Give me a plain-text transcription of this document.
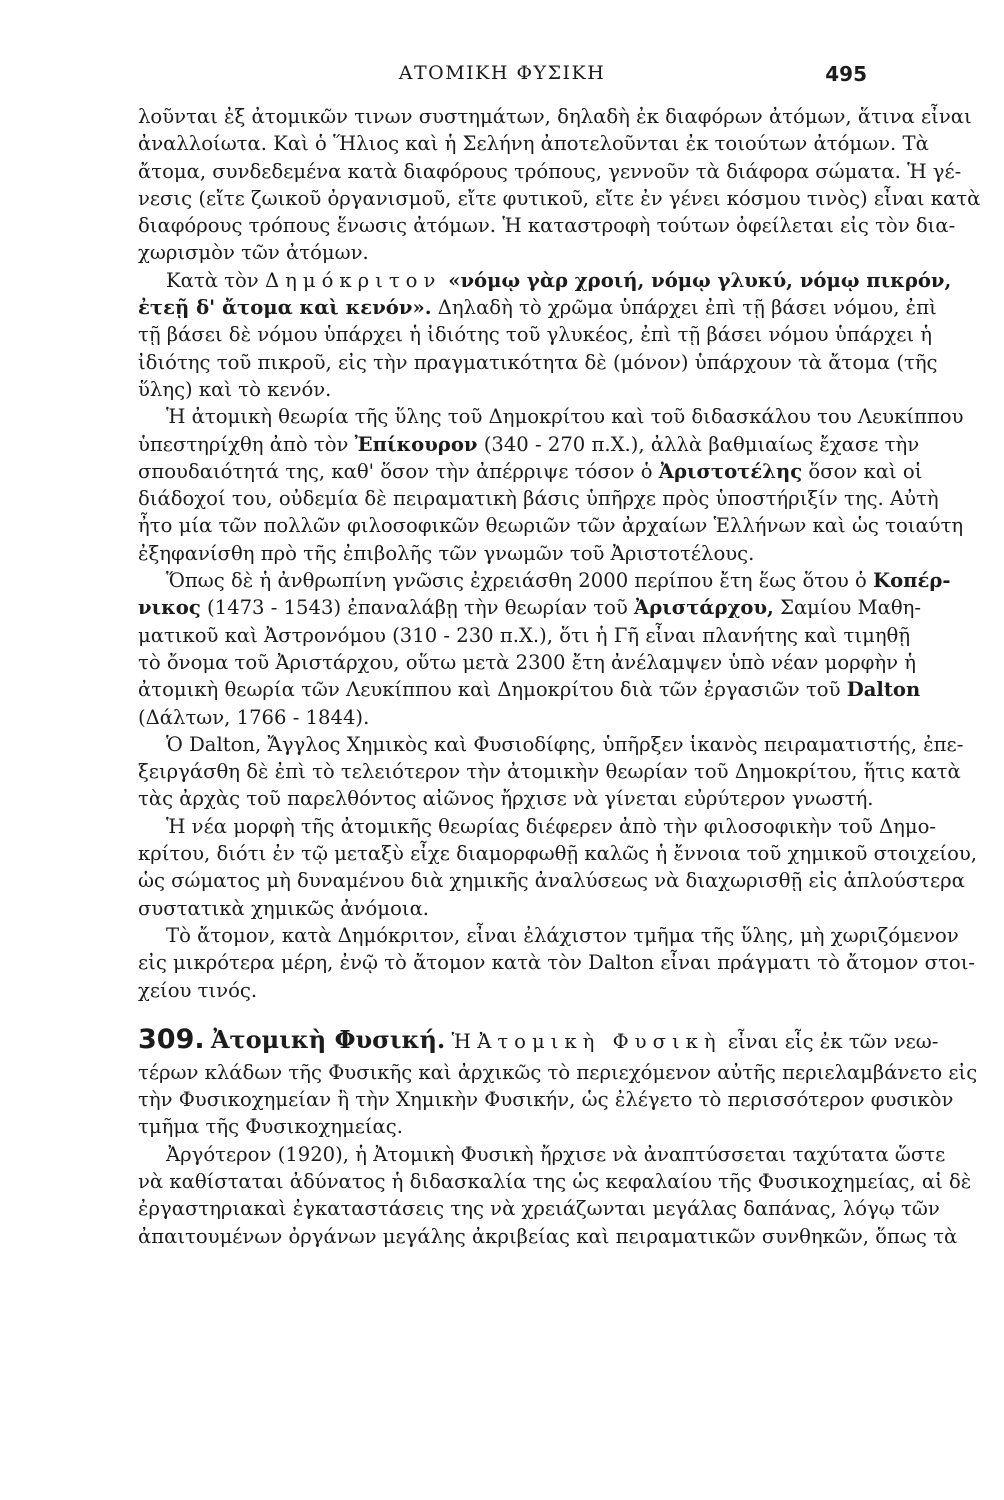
ΑΤΟΜΙΚΗ ΦΥΣΙΚΗ	495
λοῦνται ἐξ ἀτομικῶν τινων συστημάτων, δηλαδὴ ἐκ διαφόρων ἀτόμων, ἅτινα εἶναι
ἀναλλοίωτα. Καὶ ὁ Ἥλιος καὶ ἡ Σελήνη ἀποτελοῦνται ἐκ τοιούτων ἀτόμων. Τὰ
ἄτομα, συνδεδεμένα κατὰ διαφόρους τρόπους, γεννοῦν τὰ διάφορα σώματα. Ἡ γέ-
νεσις (εἴτε ζωικοῦ ὀργανισμοῦ, εἴτε φυτικοῦ, εἴτε ἐν γένει κόσμου τινὸς) εἶναι κατὰ
διαφόρους τρόπους ἕνωσις ἀτόμων. Ἡ καταστροφὴ τούτων ὀφείλεται εἰς τὸν δια-
χωρισμὸν τῶν ἀτόμων.
Κατὰ τὸν Δημόκριτον «νόμῳ γὰρ χροιή, νόμῳ γλυκύ, νόμῳ πικρόν,
ἐτεῇ δ' ἄτομα καὶ κενόν». Δηλαδὴ τὸ χρῶμα ὑπάρχει ἐπὶ τῇ βάσει νόμου, ἐπὶ
τῇ βάσει δὲ νόμου ὑπάρχει ἡ ἰδιότης τοῦ γλυκέος, ἐπὶ τῇ βάσει νόμου ὑπάρχει ἡ
ἰδιότης τοῦ πικροῦ, εἰς τὴν πραγματικότητα δὲ (μόνον) ὑπάρχουν τὰ ἄτομα (τῆς
ὕλης) καὶ τὸ κενόν.
Ἡ ἀτομικὴ θεωρία τῆς ὕλης τοῦ Δημοκρίτου καὶ τοῦ διδασκάλου του Λευκίππου
ὑπεστηρίχθη ἀπὸ τὸν Ἐπίκουρον (340 - 270 π.Χ.), ἀλλὰ βαθμιαίως ἔχασε τὴν
σπουδαιότητά της, καθ' ὅσον τὴν ἀπέρριψε τόσον ὁ Ἀριστοτέλης ὅσον καὶ οἱ
διάδοχοί του, οὐδεμία δὲ πειραματικὴ βάσις ὑπῆρχε πρὸς ὑποστήριξίν της. Αὐτὴ
ἦτο μία τῶν πολλῶν φιλοσοφικῶν θεωριῶν τῶν ἀρχαίων Ἑλλήνων καὶ ὡς τοιαύτη
ἐξηφανίσθη πρὸ τῆς ἐπιβολῆς τῶν γνωμῶν τοῦ Ἀριστοτέλους.
Ὅπως δὲ ἡ ἀνθρωπίνη γνῶσις ἐχρειάσθη 2000 περίπου ἔτη ἕως ὅτου ὁ Κοπέρ-
νικος (1473 - 1543) ἐπαναλάβῃ τὴν θεωρίαν τοῦ Ἀριστάρχου, Σαμίου Μαθη-
ματικοῦ καὶ Ἀστρονόμου (310 - 230 π.Χ.), ὅτι ἡ Γῆ εἶναι πλανήτης καὶ τιμηθῇ
τὸ ὄνομα τοῦ Ἀριστάρχου, οὕτω μετὰ 2300 ἔτη ἀνέλαμψεν ὑπὸ νέαν μορφὴν ἡ
ἀτομικὴ θεωρία τῶν Λευκίππου καὶ Δημοκρίτου διὰ τῶν ἐργασιῶν τοῦ Dalton
(Δάλτων, 1766 - 1844).
Ὁ Dalton, Ἄγγλος Χημικὸς καὶ Φυσιοδίφης, ὑπῆρξεν ἱκανὸς πειραματιστής, ἐπε-
ξειργάσθη δὲ ἐπὶ τὸ τελειότερον τὴν ἀτομικὴν θεωρίαν τοῦ Δημοκρίτου, ἥτις κατὰ
τὰς ἀρχὰς τοῦ παρελθόντος αἰῶνος ἤρχισε νὰ γίνεται εὐρύτερον γνωστή.
Ἡ νέα μορφὴ τῆς ἀτομικῆς θεωρίας διέφερεν ἀπὸ τὴν φιλοσοφικὴν τοῦ Δημο-
κρίτου, διότι ἐν τῷ μεταξὺ εἶχε διαμορφωθῇ καλῶς ἡ ἔννοια τοῦ χημικοῦ στοιχείου,
ὡς σώματος μὴ δυναμένου διὰ χημικῆς ἀναλύσεως νὰ διαχωρισθῇ εἰς ἁπλούστερα
συστατικὰ χημικῶς ἀνόμοια.
Τὸ ἄτομον, κατὰ Δημόκριτον, εἶναι ἐλάχιστον τμῆμα τῆς ὕλης, μὴ χωριζόμενον
εἰς μικρότερα μέρη, ἐνῷ τὸ ἄτομον κατὰ τὸν Dalton εἶναι πράγματι τὸ ἄτομον στοι-
χείου τινός.
309. Ἀτομικὴ Φυσική. Ἡ Ἀτομικὴ Φυσικὴ εἶναι εἷς ἐκ τῶν νεω-
τέρων κλάδων τῆς Φυσικῆς καὶ ἀρχικῶς τὸ περιεχόμενον αὐτῆς περιελαμβάνετο εἰς
τὴν Φυσικοχημείαν ἢ τὴν Χημικὴν Φυσικήν, ὡς ἐλέγετο τὸ περισσότερον φυσικὸν
τμῆμα τῆς Φυσικοχημείας.
Ἀργότερον (1920), ἡ Ἀτομικὴ Φυσικὴ ἤρχισε νὰ ἀναπτύσσεται ταχύτατα ὥστε
νὰ καθίσταται ἀδύνατος ἡ διδασκαλία της ὡς κεφαλαίου τῆς Φυσικοχημείας, αἱ δὲ
ἐργαστηριακαὶ ἐγκαταστάσεις της νὰ χρειάζωνται μεγάλας δαπάνας, λόγῳ τῶν
ἀπαιτουμένων ὀργάνων μεγάλης ἀκριβείας καὶ πειραματικῶν συνθηκῶν, ὅπως τὰ
